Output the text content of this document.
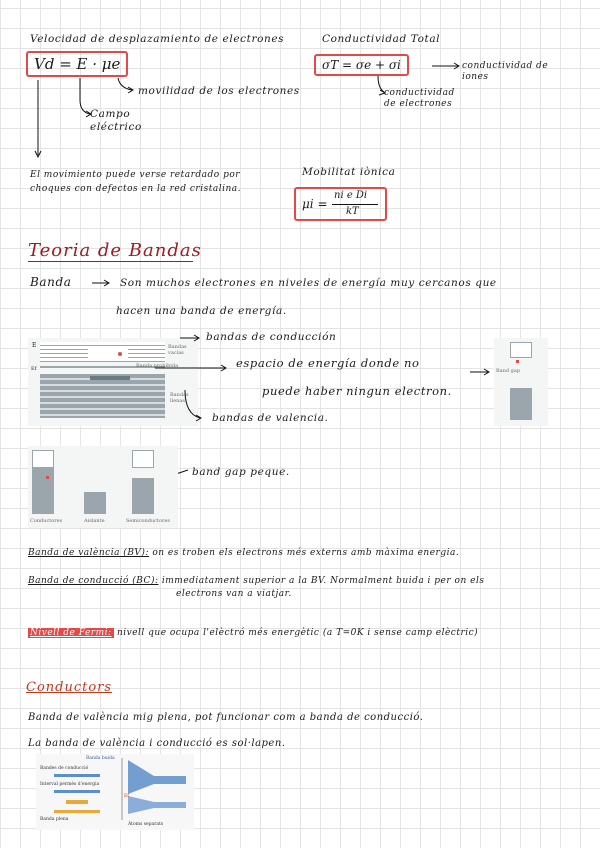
Velocidad de desplazamiento de electrones
Vd = E · μe
movilidad de los electrones
Campo eléctrico
Conductividad Total
σT = σe + σi	conductividad de iones
conductividad de electrones
El movimiento puede verse retardado por choques con defectos en la red cristalina.
Mobilitat iònica
μi =
ni e Di
kT
Teoria de Bandas
Banda	Son muchos electrones en niveles de energía muy cercanos que
hacen una banda de energía.
E
Ef
Bandas vacías
Banda prohibida
Bandas llenas
bandas de conducción
espacio de energía donde no
puede haber ningun electron.
bandas de valencia.
Band gap
Conductores	Aislante	Semiconductores
band gap peque.
Banda de valència (BV): on es troben els electrons més externs amb màxima energia.
Banda de conducció (BC): immediatament superior a la BV. Normalment buida i per on els
electrons van a viatjar.
Nivell de Fermi: nivell que ocupa l'elèctró més energètic (a T=0K i sense camp elèctric)
Conductors
Banda de valència mig plena, pot funcionar com a banda de conducció.
La banda de valència i conducció es sol·lapen.
Banda buida
Bandes de conducció
Interval permès d'energia
Banda plena
Ef
Àtoms separats
